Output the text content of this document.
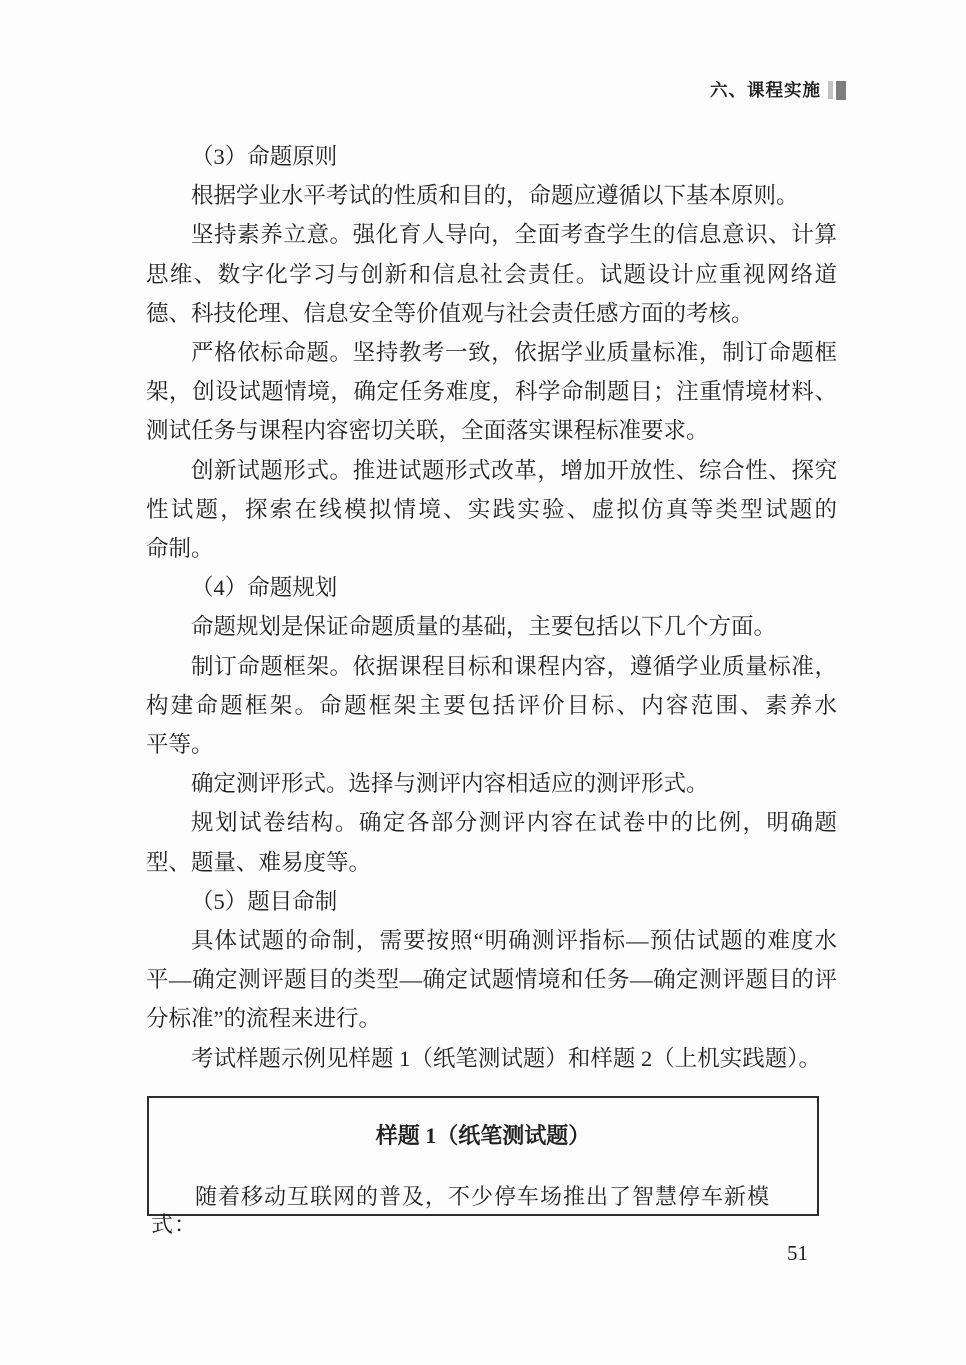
六、课程实施
（3）命题原则
根据学业水平考试的性质和目的，命题应遵循以下基本原则。
坚持素养立意。强化育人导向，全面考查学生的信息意识、计算
思维、数字化学习与创新和信息社会责任。试题设计应重视网络道
德、科技伦理、信息安全等价值观与社会责任感方面的考核。
严格依标命题。坚持教考一致，依据学业质量标准，制订命题框
架，创设试题情境，确定任务难度，科学命制题目；注重情境材料、
测试任务与课程内容密切关联，全面落实课程标准要求。
创新试题形式。推进试题形式改革，增加开放性、综合性、探究
性试题，探索在线模拟情境、实践实验、虚拟仿真等类型试题的
命制。
（4）命题规划
命题规划是保证命题质量的基础，主要包括以下几个方面。
制订命题框架。依据课程目标和课程内容，遵循学业质量标准，
构建命题框架。命题框架主要包括评价目标、内容范围、素养水
平等。
确定测评形式。选择与测评内容相适应的测评形式。
规划试卷结构。确定各部分测评内容在试卷中的比例，明确题
型、题量、难易度等。
（5）题目命制
具体试题的命制，需要按照“明确测评指标—预估试题的难度水
平—确定测评题目的类型—确定试题情境和任务—确定测评题目的评
分标准”的流程来进行。
考试样题示例见样题 1（纸笔测试题）和样题 2（上机实践题）。
样题 1（纸笔测试题）
随着移动互联网的普及，不少停车场推出了智慧停车新模式：
51
